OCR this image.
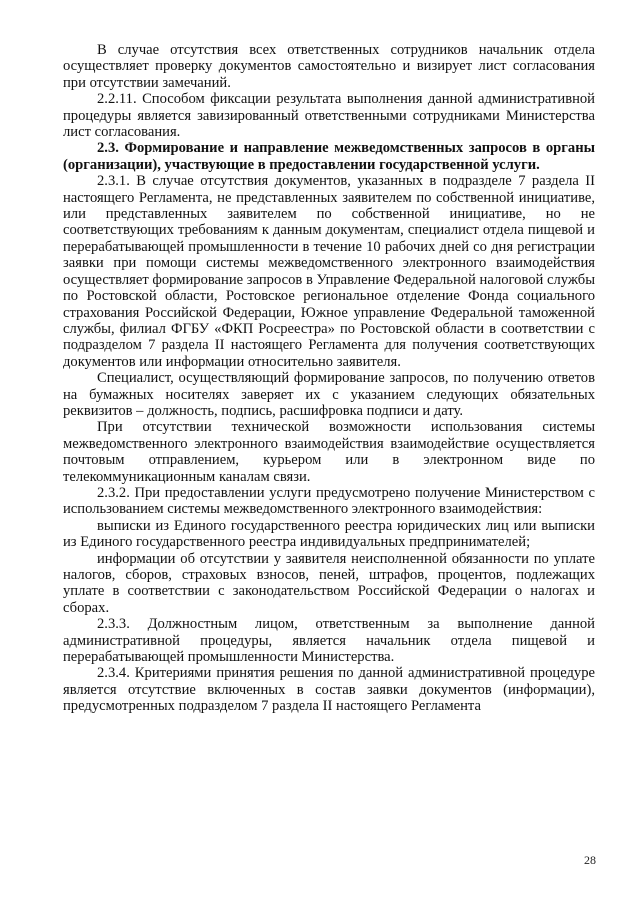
В случае отсутствия всех ответственных сотрудников начальник отдела осуществляет проверку документов самостоятельно и визирует лист согласования при отсутствии замечаний.

2.2.11. Способом фиксации результата выполнения данной административной процедуры является завизированный ответственными сотрудниками Министерства лист согласования.

2.3. Формирование и направление межведомственных запросов в органы (организации), участвующие в предоставлении государственной услуги.

2.3.1. В случае отсутствия документов, указанных в подразделе 7 раздела II настоящего Регламента, не представленных заявителем по собственной инициативе, или представленных заявителем по собственной инициативе, но не соответствующих требованиям к данным документам, специалист отдела пищевой и перерабатывающей промышленности в течение 10 рабочих дней со дня регистрации заявки при помощи системы межведомственного электронного взаимодействия осуществляет формирование запросов в Управление Федеральной налоговой службы по Ростовской области, Ростовское региональное отделение Фонда социального страхования Российской Федерации, Южное управление Федеральной таможенной службы, филиал ФГБУ «ФКП Росреестра» по Ростовской области в соответствии с подразделом 7 раздела II настоящего Регламента для получения соответствующих документов или информации относительно заявителя.

Специалист, осуществляющий формирование запросов, по получению ответов на бумажных носителях заверяет их с указанием следующих обязательных реквизитов – должность, подпись, расшифровка подписи и дату.

При отсутствии технической возможности использования системы межведомственного электронного взаимодействия взаимодействие осуществляется почтовым отправлением, курьером или в электронном виде по телекоммуникационным каналам связи.

2.3.2. При предоставлении услуги предусмотрено получение Министерством с использованием системы межведомственного электронного взаимодействия:

выписки из Единого государственного реестра юридических лиц или выписки из Единого государственного реестра индивидуальных предпринимателей;

информации об отсутствии у заявителя неисполненной обязанности по уплате налогов, сборов, страховых взносов, пеней, штрафов, процентов, подлежащих уплате в соответствии с законодательством Российской Федерации о налогах и сборах.

2.3.3. Должностным лицом, ответственным за выполнение данной административной процедуры, является начальник отдела пищевой и перерабатывающей промышленности Министерства.

2.3.4. Критериями принятия решения по данной административной процедуре является отсутствие включенных в состав заявки документов (информации), предусмотренных подразделом 7 раздела II настоящего Регламента

28
